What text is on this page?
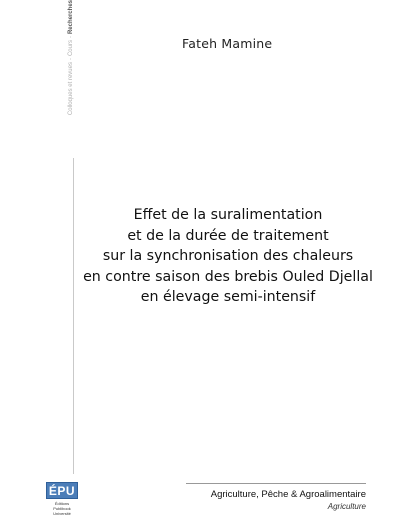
Colloques et revues
-
Cours
-
Recherches
Fateh Mamine
Effet de la suralimentation
et de la durée de traitement
sur la synchronisation des chaleurs
en contre saison des brebis Ouled Djellal
en élevage semi-intensif
ÉPU
Éditions Publibook
Université
Agriculture, Pêche & Agroalimentaire
Agriculture
